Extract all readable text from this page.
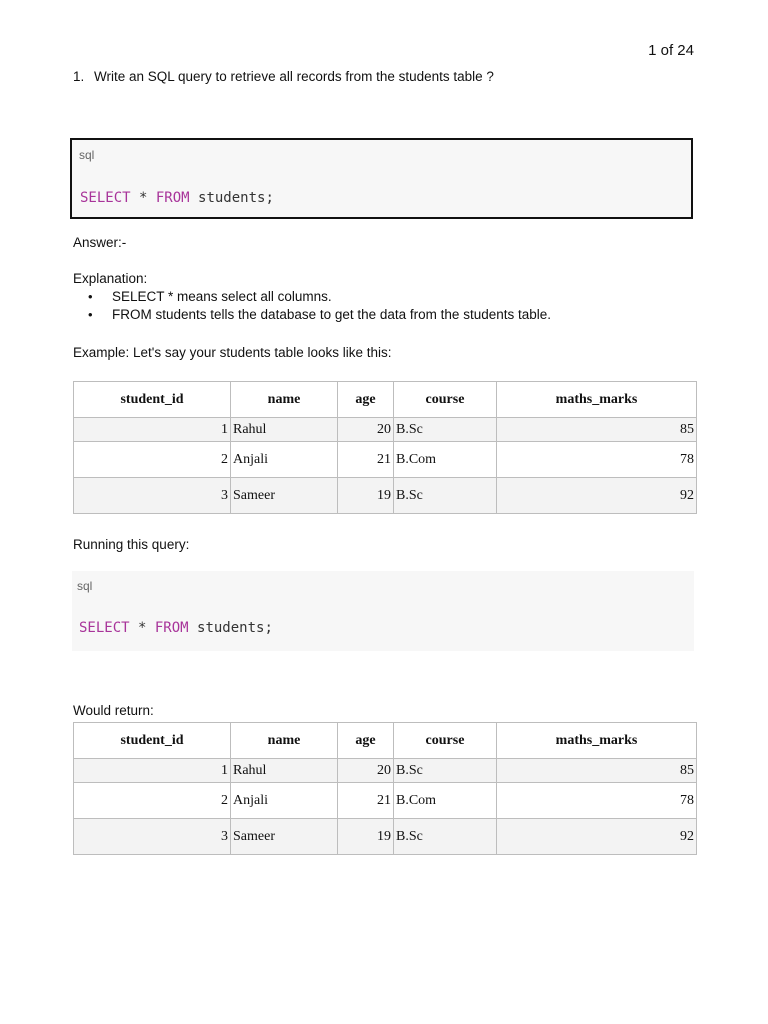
1 of 24
1. Write an SQL query to retrieve all records from the students table ?
sql
SELECT * FROM students;
Answer:-
Explanation:
• SELECT * means select all columns.
• FROM students tells the database to get the data from the students table.
Example: Let's say your students table looks like this:
student_id	name	age	course	maths_marks
1	Rahul	20	B.Sc	85
2	Anjali	21	B.Com	78
3	Sameer	19	B.Sc	92
Running this query:
sql
SELECT * FROM students;
Would return:
student_id	name	age	course	maths_marks
1	Rahul	20	B.Sc	85
2	Anjali	21	B.Com	78
3	Sameer	19	B.Sc	92
